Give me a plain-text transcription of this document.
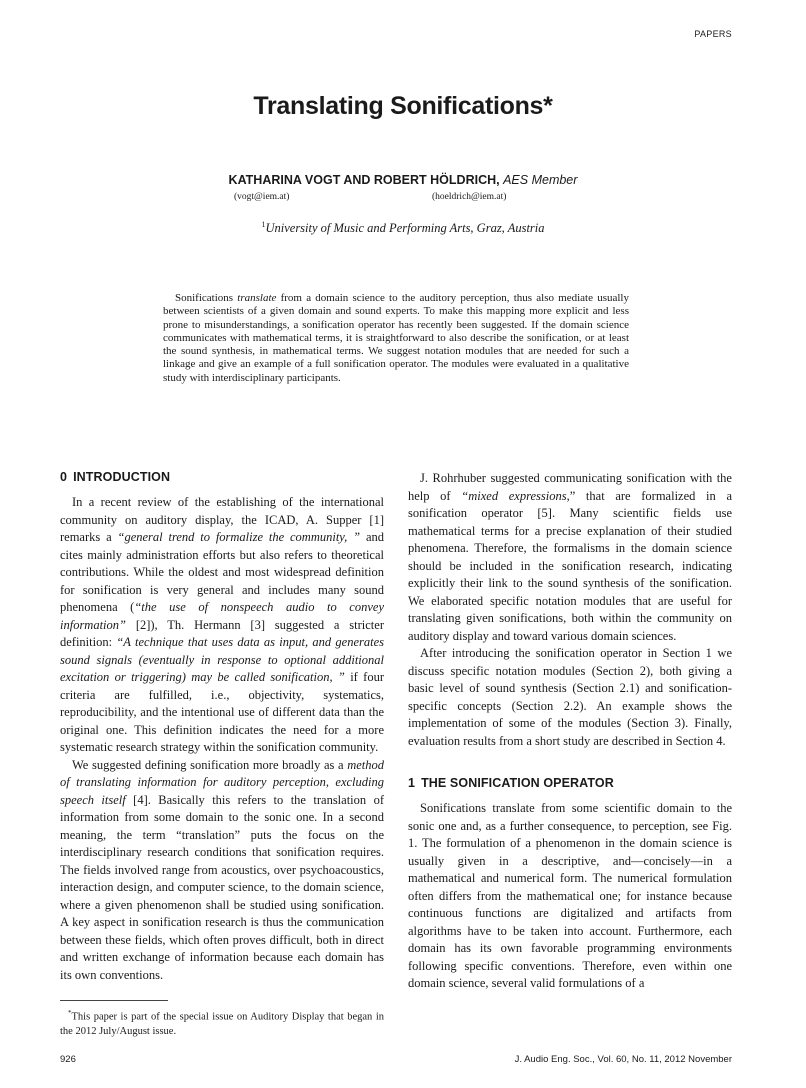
PAPERS
Translating Sonifications*
KATHARINA VOGT AND ROBERT HÖLDRICH, AES Member
(vogt@iem.at)	(hoeldrich@iem.at)
$^1$University of Music and Performing Arts, Graz, Austria

Sonifications translate from a domain science to the auditory perception, thus also mediate usually between scientists of a given domain and sound experts. To make this mapping more explicit and less prone to misunderstandings, a sonification operator has recently been suggested. If the domain science communicates with mathematical terms, it is straightforward to also describe the sonification, or at least the sound synthesis, in mathematical terms. We suggest notation modules that are needed for such a linkage and give an example of a full sonification operator. The modules were evaluated in a qualitative study with interdisciplinary participants.

0 INTRODUCTION

In a recent review of the establishing of the international community on auditory display, the ICAD, A. Supper [1] remarks a “general trend to formalize the community, ” and cites mainly administration efforts but also refers to theoretical contributions. While the oldest and most widespread definition for sonification is very general and includes many sound phenomena (“the use of nonspeech audio to convey information” [2]), Th. Hermann [3] suggested a stricter definition: “A technique that uses data as input, and generates sound signals (eventually in response to optional additional excitation or triggering) may be called sonification, ” if four criteria are fulfilled, i.e., objectivity, systematics, reproducibility, and the intentional use of different data than the original one. This definition indicates the need for a more systematic research strategy within the sonification community.

We suggested defining sonification more broadly as a method of translating information for auditory perception, excluding speech itself [4]. Basically this refers to the translation of information from some domain to the sonic one. In a second meaning, the term “translation” puts the focus on the interdisciplinary research conditions that sonification requires. The fields involved range from acoustics, over psychoacoustics, interaction design, and computer science, to the domain science, where a given phenomenon shall be studied using sonification. A key aspect in sonification research is thus the communication between these fields, which often proves difficult, both in direct and written exchange of information because each domain has its own conventions.

J. Rohrhuber suggested communicating sonification with the help of “mixed expressions,” that are formalized in a sonification operator [5]. Many scientific fields use mathematical terms for a precise explanation of their studied phenomena. Therefore, the formalisms in the domain science should be included in the sonification research, indicating explicitly their link to the sound synthesis of the sonification. We elaborated specific notation modules that are useful for translating given sonifications, both within the community on auditory display and toward various domain sciences.

After introducing the sonification operator in Section 1 we discuss specific notation modules (Section 2), both giving a basic level of sound synthesis (Section 2.1) and sonification-specific concepts (Section 2.2). An example shows the implementation of some of the modules (Section 3). Finally, evaluation results from a short study are described in Section 4.

1 THE SONIFICATION OPERATOR

Sonifications translate from some scientific domain to the sonic one and, as a further consequence, to perception, see Fig. 1. The formulation of a phenomenon in the domain science is usually given in a descriptive, and—concisely—in a mathematical and numerical form. The numerical formulation often differs from the mathematical one; for instance because continuous functions are digitalized and artifacts from algorithms have to be taken into account. Furthermore, each domain has its own favorable programming environments following specific conventions. Therefore, even within one domain science, several valid formulations of a

*This paper is part of the special issue on Auditory Display that began in the 2012 July/August issue.

926	J. Audio Eng. Soc., Vol. 60, No. 11, 2012 November
